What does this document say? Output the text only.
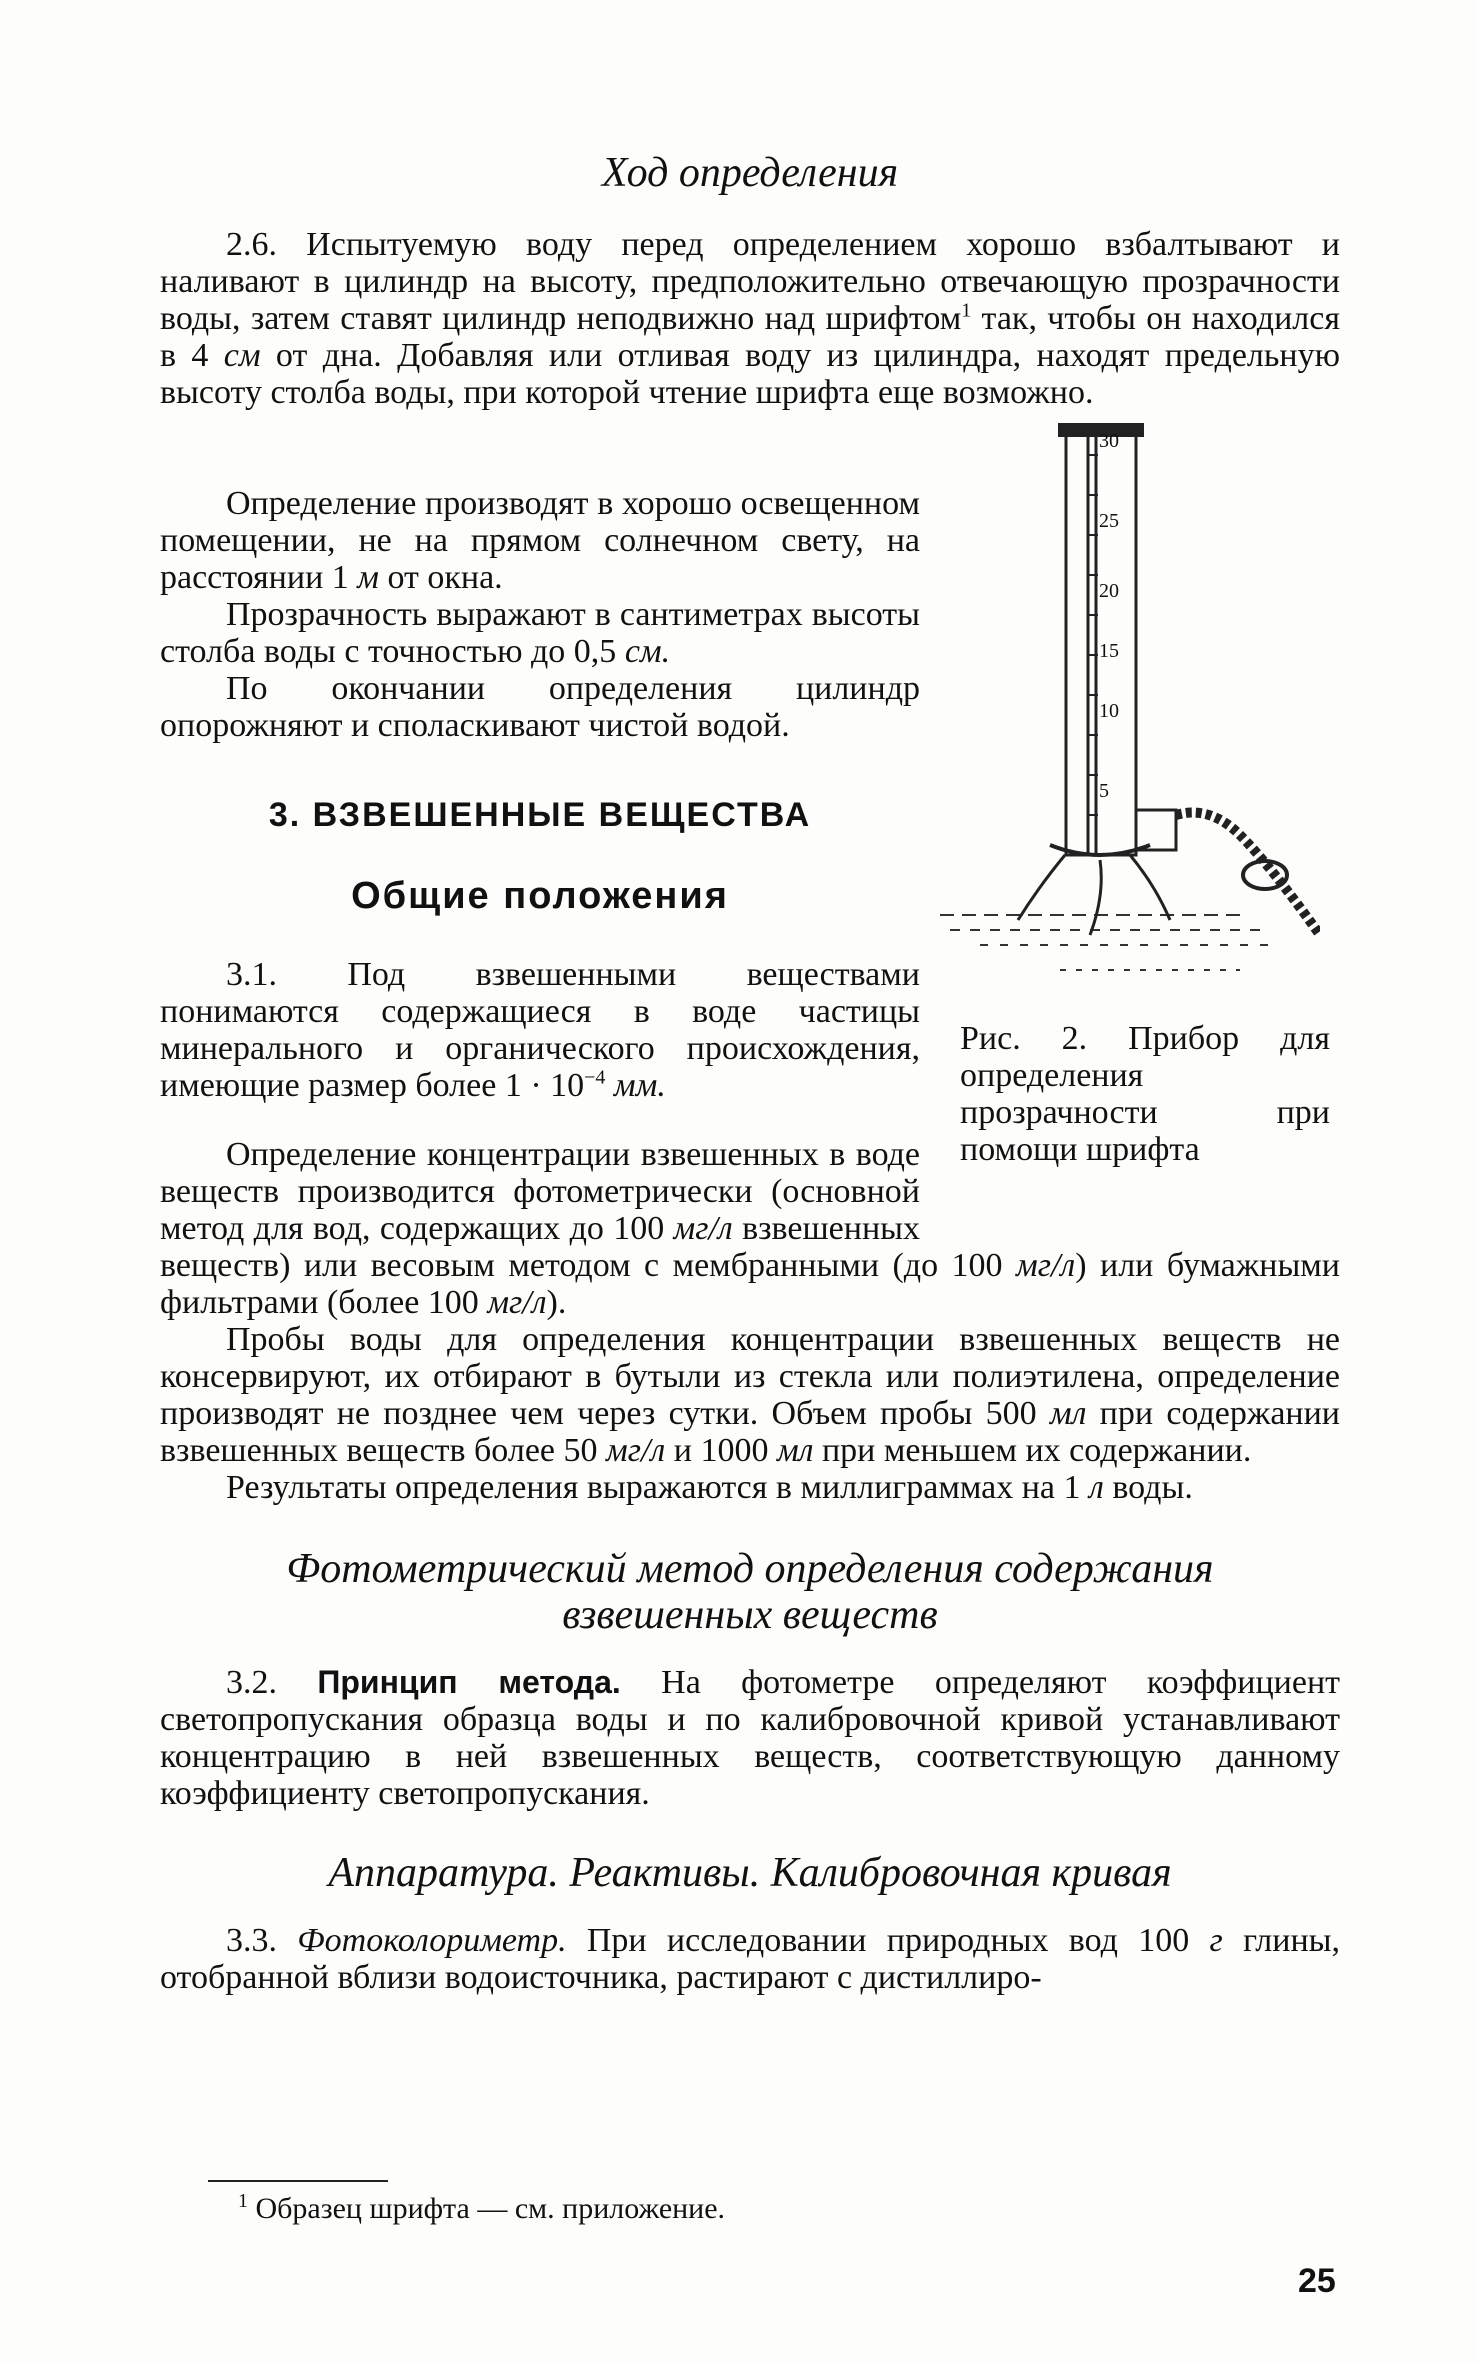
Ход определения

2.6. Испытуемую воду перед определением хорошо взбалтывают и наливают в цилиндр на высоту, предположительно отвечающую прозрачности воды, затем ставят цилиндр неподвижно над шрифтом$^1$ так, чтобы он находился в 4 см от дна. Добавляя или отливая воду из цилиндра, находят предельную высоту столба воды, при которой чтение шрифта еще возможно.

Определение производят в хорошо освещенном помещении, не на прямом солнечном свету, на расстоянии 1 м от окна.

Прозрачность выражают в сантиметрах высоты столба воды с точностью до 0,5 см.

По окончании определения цилиндр опорожняют и споласкивают чистой водой.

3. ВЗВЕШЕННЫЕ ВЕЩЕСТВА
Общие положения

3.1. Под взвешенными веществами понимаются содержащиеся в воде частицы минерального и органического происхождения, имеющие размер более $1 \cdot 10^{-4}$ мм.

30
25
20
15
10
5
Рис. 2. Прибор для определения прозрачности при помощи шрифта

Определение концентрации взвешенных в воде веществ производится фотометрически (основной метод для вод, содержащих до 100 мг/л взвешенных веществ) или весовым методом с мембранными (до 100 мг/л) или бумажными фильтрами (более 100 мг/л).

Пробы воды для определения концентрации взвешенных веществ не консервируют, их отбирают в бутыли из стекла или полиэтилена, определение производят не позднее чем через сутки. Объем пробы 500 мл при содержании взвешенных веществ более 50 мг/л и 1000 мл при меньшем их содержании.

Результаты определения выражаются в миллиграммах на 1 л воды.

Фотометрический метод определения содержания
взвешенных веществ

3.2. Принцип метода. На фотометре определяют коэффициент светопропускания образца воды и по калибровочной кривой устанавливают концентрацию в ней взвешенных веществ, соответствующую данному коэффициенту светопропускания.

Аппаратура. Реактивы. Калибровочная кривая

3.3. Фотоколориметр. При исследовании природных вод 100 г глины, отобранной вблизи водоисточника, растирают с дистиллиро-

$^1$ Образец шрифта — см. приложение.
25
